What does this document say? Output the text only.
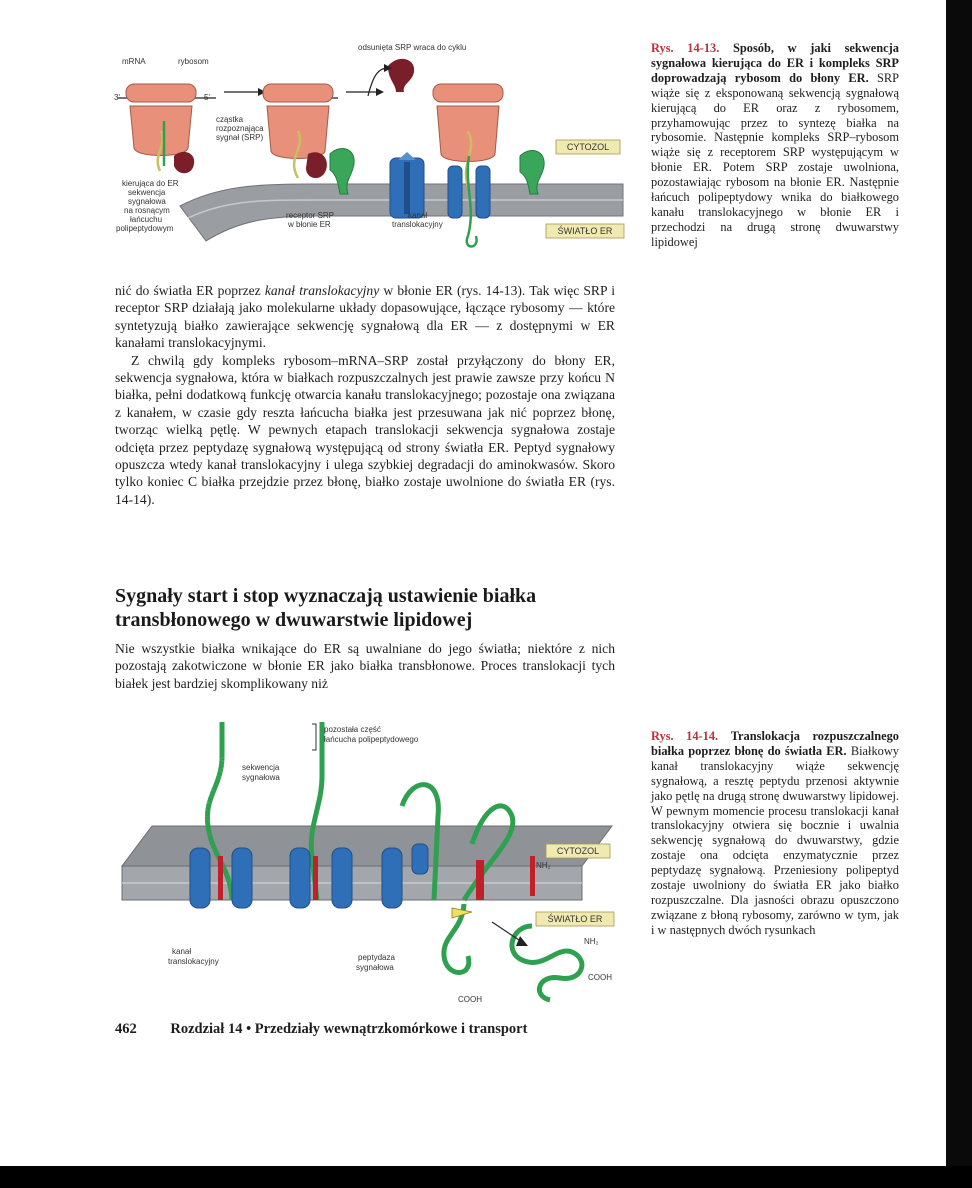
CYTOZOL
ŚWIATŁO ER
odsunięta SRP wraca do cyklu
mRNA	rybosom
3'	5'
cząstka
rozpoznająca
sygnał (SRP)
kierująca do ER
sekwencja
sygnałowa
na rosnącym
łańcuchu
polipeptydowym
receptor SRP
w błonie ER
kanał
translokacyjny
Rys. 14-13. Sposób, w jaki sekwencja sygnałowa kierująca do ER i kompleks SRP doprowadzają rybosom do błony ER. SRP wiąże się z eksponowaną sekwencją sygnałową kierującą do ER oraz z rybosomem, przyhamowując przez to syntezę białka na rybosomie. Następnie kompleks SRP–rybosom wiąże się z receptorem SRP występującym w błonie ER. Potem SRP zostaje uwolniona, pozostawiając rybosom na błonie ER. Następnie łańcuch polipeptydowy wnika do białkowego kanału translokacyjnego w błonie ER i przechodzi na drugą stronę dwuwarstwy lipidowej

nić do światła ER poprzez kanał translokacyjny w błonie ER (rys. 14-13). Tak więc SRP i receptor SRP działają jako molekularne układy dopasowujące, łączące rybosomy — które syntetyzują białko zawierające sekwencję sygnałową dla ER — z dostępnymi w ER kanałami translokacyjnymi.

Z chwilą gdy kompleks rybosom–mRNA–SRP został przyłączony do błony ER, sekwencja sygnałowa, która w białkach rozpuszczalnych jest prawie zawsze przy końcu N białka, pełni dodatkową funkcję otwarcia kanału translokacyjnego; pozostaje ona związana z kanałem, w czasie gdy reszta łańcucha białka jest przesuwana jak nić poprzez błonę, tworząc wielką pętlę. W pewnych etapach translokacji sekwencja sygnałowa zostaje odcięta przez peptydazę sygnałową występującą od strony światła ER. Peptyd sygnałowy opuszcza wtedy kanał translokacyjny i ulega szybkiej degradacji do aminokwasów. Skoro tylko koniec C białka przejdzie przez błonę, białko zostaje uwolnione do światła ER (rys. 14-14).

Sygnały start i stop wyznaczają ustawienie białka transbłonowego w dwuwarstwie lipidowej

Nie wszystkie białka wnikające do ER są uwalniane do jego światła; niektóre z nich pozostają zakotwiczone w błonie ER jako białka transbłonowe. Proces translokacji tych białek jest bardziej skomplikowany niż

CYTOZOL
ŚWIATŁO ER
pozostała część
łańcucha polipeptydowego
sekwencja
sygnałowa
NH₂
kanał
translokacyjny	peptydaza
sygnałowa
NH₂
COOH
COOH
Rys. 14-14. Translokacja rozpuszczalnego białka poprzez błonę do światła ER. Białkowy kanał translokacyjny wiąże sekwencję sygnałową, a resztę peptydu przenosi aktywnie jako pętlę na drugą stronę dwuwarstwy lipidowej. W pewnym momencie procesu translokacji kanał translokacyjny otwiera się bocznie i uwalnia sekwencję sygnałową do dwuwarstwy, gdzie zostaje ona odcięta enzymatycznie przez peptydazę sygnałową. Przeniesiony polipeptyd zostaje uwolniony do światła ER jako białko rozpuszczalne. Dla jasności obrazu opuszczono związane z błoną rybosomy, zarówno w tym, jak i w następnych dwóch rysunkach
462 Rozdział 14 • Przedziały wewnątrzkomórkowe i transport
